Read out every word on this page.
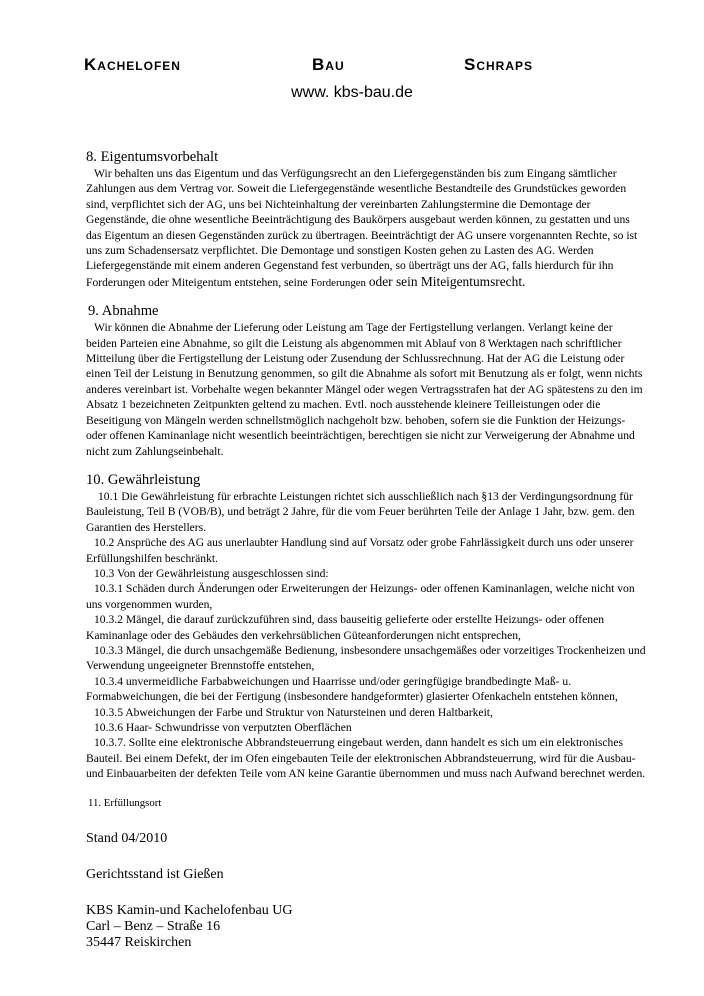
Kachelofen	Bau	Schraps
www. kbs-bau.de

8. Eigentumsvorbehalt

Wir behalten uns das Eigentum und das Verfügungsrecht an den Liefergegenständen bis zum Eingang sämtlicher Zahlungen aus dem Vertrag vor. Soweit die Liefergegenstände wesentliche Bestandteile des Grundstückes geworden sind, verpflichtet sich der AG, uns bei Nichteinhaltung der vereinbarten Zahlungstermine die Demontage der Gegenstände, die ohne wesentliche Beeinträchtigung des Baukörpers ausgebaut werden können, zu gestatten und uns das Eigentum an diesen Gegenständen zurück zu übertragen. Beeinträchtigt der AG unsere vorgenannten Rechte, so ist uns zum Schadensersatz verpflichtet. Die Demontage und sonstigen Kosten gehen zu Lasten des AG. Werden Liefergegenstände mit einem anderen Gegenstand fest verbunden, so überträgt uns der AG, falls hierdurch für ihn Forderungen oder Miteigentum entstehen, seine Forderungen oder sein Miteigentumsrecht.

9. Abnahme

Wir können die Abnahme der Lieferung oder Leistung am Tage der Fertigstellung verlangen. Verlangt keine der beiden Parteien eine Abnahme, so gilt die Leistung als abgenommen mit Ablauf von 8 Werktagen nach schriftlicher Mitteilung über die Fertigstellung der Leistung oder Zusendung der Schlussrechnung. Hat der AG die Leistung oder einen Teil der Leistung in Benutzung genommen, so gilt die Abnahme als sofort mit Benutzung als er folgt, wenn nichts anderes vereinbart ist. Vorbehalte wegen bekannter Mängel oder wegen Vertragsstrafen hat der AG spätestens zu den im Absatz 1 bezeichneten Zeitpunkten geltend zu machen. Evtl. noch ausstehende kleinere Teilleistungen oder die Beseitigung von Mängeln werden schnellstmöglich nachgeholt bzw. behoben, sofern sie die Funktion der Heizungs- oder offenen Kaminanlage nicht wesentlich beeinträchtigen, berechtigen sie nicht zur Verweigerung der Abnahme und nicht zum Zahlungseinbehalt.

10. Gewährleistung

10.1 Die Gewährleistung für erbrachte Leistungen richtet sich ausschließlich nach §13 der Verdingungsordnung für Bauleistung, Teil B (VOB/B), und beträgt 2 Jahre, für die vom Feuer berührten Teile der Anlage 1 Jahr, bzw. gem. den Garantien des Herstellers.

10.2 Ansprüche des AG aus unerlaubter Handlung sind auf Vorsatz oder grobe Fahrlässigkeit durch uns oder unserer Erfüllungshilfen beschränkt.

10.3 Von der Gewährleistung ausgeschlossen sind:

10.3.1 Schäden durch Änderungen oder Erweiterungen der Heizungs- oder offenen Kaminanlagen, welche nicht von uns vorgenommen wurden,

10.3.2 Mängel, die darauf zurückzuführen sind, dass bauseitig gelieferte oder erstellte Heizungs- oder offenen Kaminanlage oder des Gebäudes den verkehrsüblichen Güteanforderungen nicht entsprechen,

10.3.3 Mängel, die durch unsachgemäße Bedienung, insbesondere unsachgemäßes oder vorzeitiges Trockenheizen und Verwendung ungeeigneter Brennstoffe entstehen,

10.3.4 unvermeidliche Farbabweichungen und Haarrisse und/oder geringfügige brandbedingte Maß- u. Formabweichungen, die bei der Fertigung (insbesondere handgeformter) glasierter Ofenkacheln entstehen können,

10.3.5 Abweichungen der Farbe und Struktur von Natursteinen und deren Haltbarkeit,

10.3.6 Haar- Schwundrisse von verputzten Oberflächen

10.3.7. Sollte eine elektronische Abbrandsteuerrung eingebaut werden, dann handelt es sich um ein elektronisches Bauteil. Bei einem Defekt, der im Ofen eingebauten Teile der elektronischen Abbrandsteuerrung, wird für die Ausbau- und Einbauarbeiten der defekten Teile vom AN keine Garantie übernommen und muss nach Aufwand berechnet werden.

11. Erfüllungsort

Stand 04/2010

Gerichtsstand ist Gießen

KBS Kamin-und Kachelofenbau UG

Carl – Benz – Straße 16

35447 Reiskirchen
